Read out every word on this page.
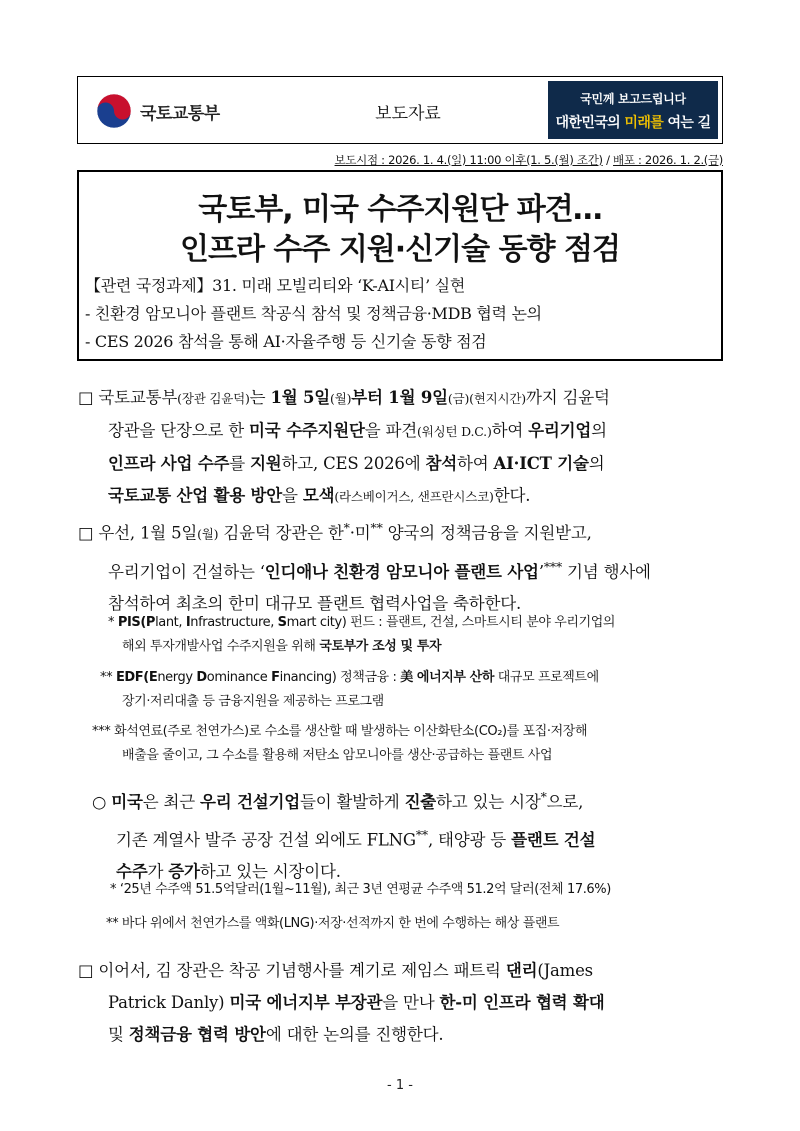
국토교통부	보도자료
국민께 보고드립니다
대한민국의 미래를 여는 길
보도시점 : 2026. 1. 4.(일) 11:00 이후(1. 5.(월) 조간) / 배포 : 2026. 1. 2.(금)
국토부, 미국 수주지원단 파견…
인프라 수주 지원·신기술 동향 점검
【관련 국정과제】31. 미래 모빌리티와 ‘K-AI시티’ 실현
- 친환경 암모니아 플랜트 착공식 참석 및 정책금융·MDB 협력 논의
- CES 2026 참석을 통해 AI·자율주행 등 신기술 동향 점검
□ 국토교통부(장관 김윤덕)는 1월 5일(월)부터 1월 9일(금)(현지시간)까지 김윤덕
장관을 단장으로 한 미국 수주지원단을 파견(워싱턴 D.C.)하여 우리기업의
인프라 사업 수주를 지원하고, CES 2026에 참석하여 AI·ICT 기술의
국토교통 산업 활용 방안을 모색(라스베이거스, 샌프란시스코)한다.
□ 우선, 1월 5일(월) 김윤덕 장관은 한*·미** 양국의 정책금융을 지원받고,
우리기업이 건설하는 ‘인디애나 친환경 암모니아 플랜트 사업’*** 기념 행사에
참석하여 최초의 한미 대규모 플랜트 협력사업을 축하한다.
* PIS(Plant, Infrastructure, Smart city) 펀드 : 플랜트, 건설, 스마트시티 분야 우리기업의
해외 투자개발사업 수주지원을 위해 국토부가 조성 및 투자
** EDF(Energy Dominance Financing) 정책금융 : 美 에너지부 산하 대규모 프로젝트에
장기·저리대출 등 금융지원을 제공하는 프로그램
*** 화석연료(주로 천연가스)로 수소를 생산할 때 발생하는 이산화탄소(CO₂)를 포집·저장해
배출을 줄이고, 그 수소를 활용해 저탄소 암모니아를 생산·공급하는 플랜트 사업
○ 미국은 최근 우리 건설기업들이 활발하게 진출하고 있는 시장*으로,
기존 계열사 발주 공장 건설 외에도 FLNG**, 태양광 등 플랜트 건설
수주가 증가하고 있는 시장이다.
* ‘25년 수주액 51.5억달러(1월~11월), 최근 3년 연평균 수주액 51.2억 달러(전체 17.6%)
** 바다 위에서 천연가스를 액화(LNG)·저장·선적까지 한 번에 수행하는 해상 플랜트
□ 이어서, 김 장관은 착공 기념행사를 계기로 제임스 패트릭 댄리(James
Patrick Danly) 미국 에너지부 부장관을 만나 한-미 인프라 협력 확대
및 정책금융 협력 방안에 대한 논의를 진행한다.
- 1 -
